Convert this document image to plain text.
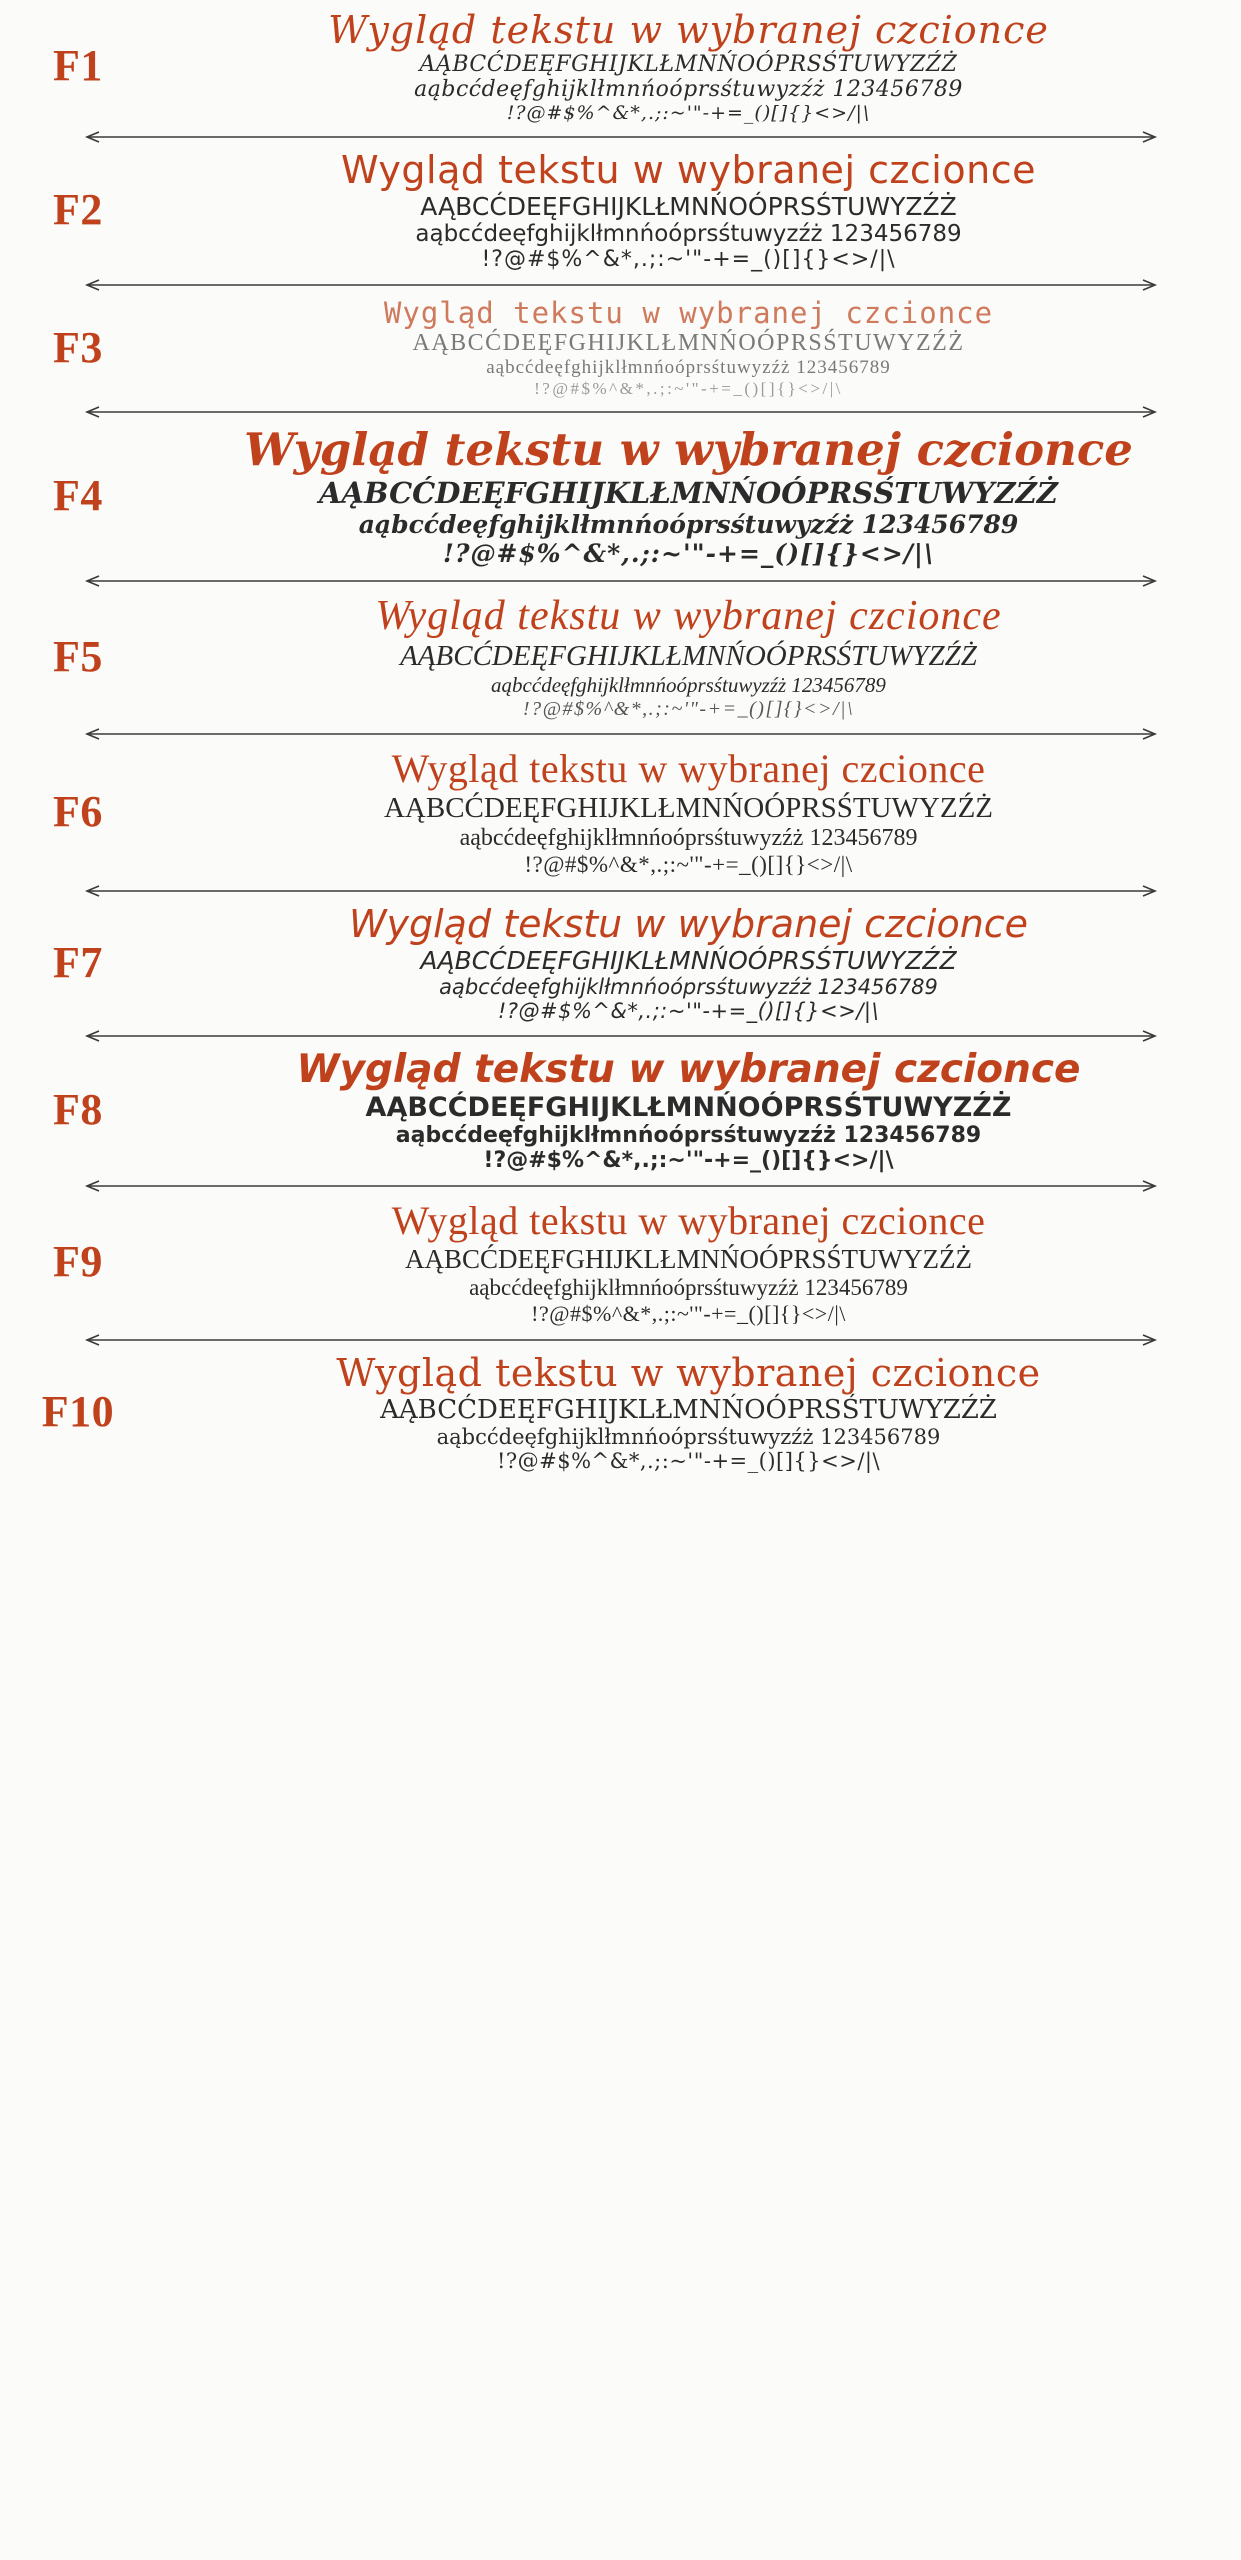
F1
Wygląd tekstu w wybranej czcionce
AĄBCĆDEĘFGHIJKLŁMNŃOÓPRSŚTUWYZŹŻ
aąbcćdeęfghijklłmnńoóprsśtuwyzźż 123456789
!?@#$%^&*,.;:~'"-+=_()[]{}<>/|\
F2
Wygląd tekstu w wybranej czcionce
AĄBCĆDEĘFGHIJKLŁMNŃOÓPRSŚTUWYZŹŻ
aąbcćdeęfghijklłmnńoóprsśtuwyzźż 123456789
!?@#$%^&*,.;:~'"-+=_()[]{}<>/|\
F3
Wygląd tekstu w wybranej czcionce
AĄBCĆDEĘFGHIJKLŁMNŃOÓPRSŚTUWYZŹŻ
aąbcćdeęfghijklłmnńoóprsśtuwyzźż 123456789
!?@#$%^&*,.;:~'"-+=_()[]{}<>/|\
F4
Wygląd tekstu w wybranej czcionce
AĄBCĆDEĘFGHIJKLŁMNŃOÓPRSŚTUWYZŹŻ
aąbcćdeęfghijklłmnńoóprsśtuwyzźż 123456789
!?@#$%^&*,.;:~'"-+=_()[]{}<>/|\
F5
Wygląd tekstu w wybranej czcionce
AĄBCĆDEĘFGHIJKLŁMNŃOÓPRSŚTUWYZŹŻ
aąbcćdeęfghijklłmnńoóprsśtuwyzźż 123456789
!?@#$%^&*,.;:~'"-+=_()[]{}<>/|\
F6
Wygląd tekstu w wybranej czcionce
AĄBCĆDEĘFGHIJKLŁMNŃOÓPRSŚTUWYZŹŻ
aąbcćdeęfghijklłmnńoóprsśtuwyzźż 123456789
!?@#$%^&*,.;:~'"-+=_()[]{}<>/|\
F7
Wygląd tekstu w wybranej czcionce
AĄBCĆDEĘFGHIJKLŁMNŃOÓPRSŚTUWYZŹŻ
aąbcćdeęfghijklłmnńoóprsśtuwyzźż 123456789
!?@#$%^&*,.;:~'"-+=_()[]{}<>/|\
F8
Wygląd tekstu w wybranej czcionce
AĄBCĆDEĘFGHIJKLŁMNŃOÓPRSŚTUWYZŹŻ
aąbcćdeęfghijklłmnńoóprsśtuwyzźż 123456789
!?@#$%^&*,.;:~'"-+=_()[]{}<>/|\
F9
Wygląd tekstu w wybranej czcionce
AĄBCĆDEĘFGHIJKLŁMNŃOÓPRSŚTUWYZŹŻ
aąbcćdeęfghijklłmnńoóprsśtuwyzźż 123456789
!?@#$%^&*,.;:~'"-+=_()[]{}<>/|\
F10
Wygląd tekstu w wybranej czcionce
AĄBCĆDEĘFGHIJKLŁMNŃOÓPRSŚTUWYZŹŻ
aąbcćdeęfghijklłmnńoóprsśtuwyzźż 123456789
!?@#$%^&*,.;:~'"-+=_()[]{}<>/|\
